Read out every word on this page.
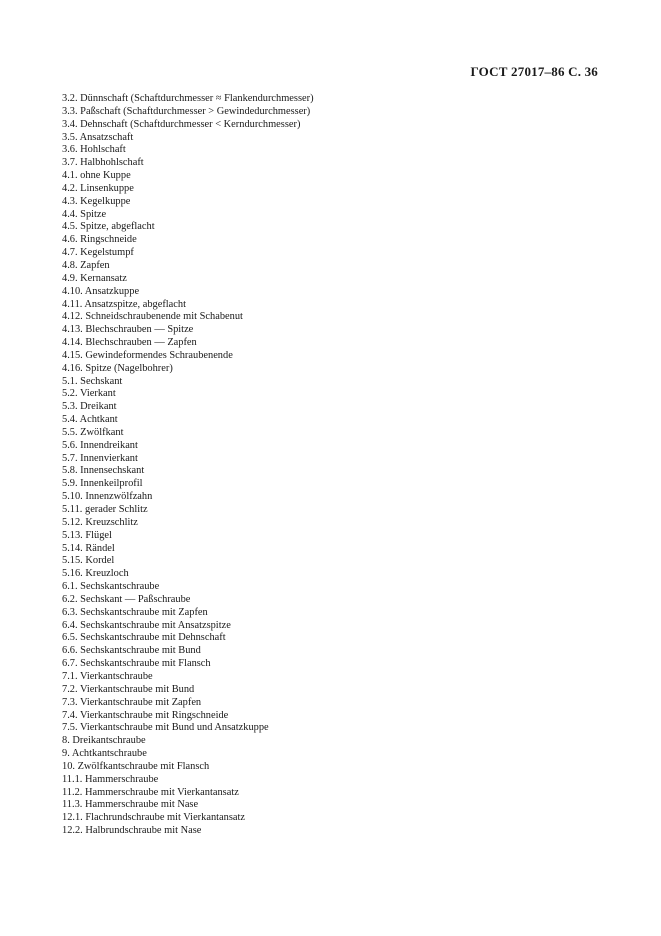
ГОСТ 27017–86 С. 36
3.2. Dünnschaft (Schaftdurchmesser ≈ Flankendurchmesser)
3.3. Paßschaft (Schaftdurchmesser > Gewindedurchmesser)
3.4. Dehnschaft (Schaftdurchmesser < Kerndurchmesser)
3.5. Ansatzschaft
3.6. Hohlschaft
3.7. Halbhohlschaft
4.1. ohne Kuppe
4.2. Linsenkuppe
4.3. Kegelkuppe
4.4. Spitze
4.5. Spitze, abgeflacht
4.6. Ringschneide
4.7. Kegelstumpf
4.8. Zapfen
4.9. Kernansatz
4.10. Ansatzkuppe
4.11. Ansatzspitze, abgeflacht
4.12. Schneidschraubenende mit Schabenut
4.13. Blechschrauben — Spitze
4.14. Blechschrauben — Zapfen
4.15. Gewindeformendes Schraubenende
4.16. Spitze (Nagelbohrer)
5.1. Sechskant
5.2. Vierkant
5.3. Dreikant
5.4. Achtkant
5.5. Zwölfkant
5.6. Innendreikant
5.7. Innenvierkant
5.8. Innensechskant
5.9. Innenkeilprofil
5.10. Innenzwölfzahn
5.11. gerader Schlitz
5.12. Kreuzschlitz
5.13. Flügel
5.14. Rändel
5.15. Kordel
5.16. Kreuzloch
6.1. Sechskantschraube
6.2. Sechskant — Paßschraube
6.3. Sechskantschraube mit Zapfen
6.4. Sechskantschraube mit Ansatzspitze
6.5. Sechskantschraube mit Dehnschaft
6.6. Sechskantschraube mit Bund
6.7. Sechskantschraube mit Flansch
7.1. Vierkantschraube
7.2. Vierkantschraube mit Bund
7.3. Vierkantschraube mit Zapfen
7.4. Vierkantschraube mit Ringschneide
7.5. Vierkantschraube mit Bund und Ansatzkuppe
8. Dreikantschraube
9. Achtkantschraube
10. Zwölfkantschraube mit Flansch
11.1. Hammerschraube
11.2. Hammerschraube mit Vierkantansatz
11.3. Hammerschraube mit Nase
12.1. Flachrundschraube mit Vierkantansatz
12.2. Halbrundschraube mit Nase
